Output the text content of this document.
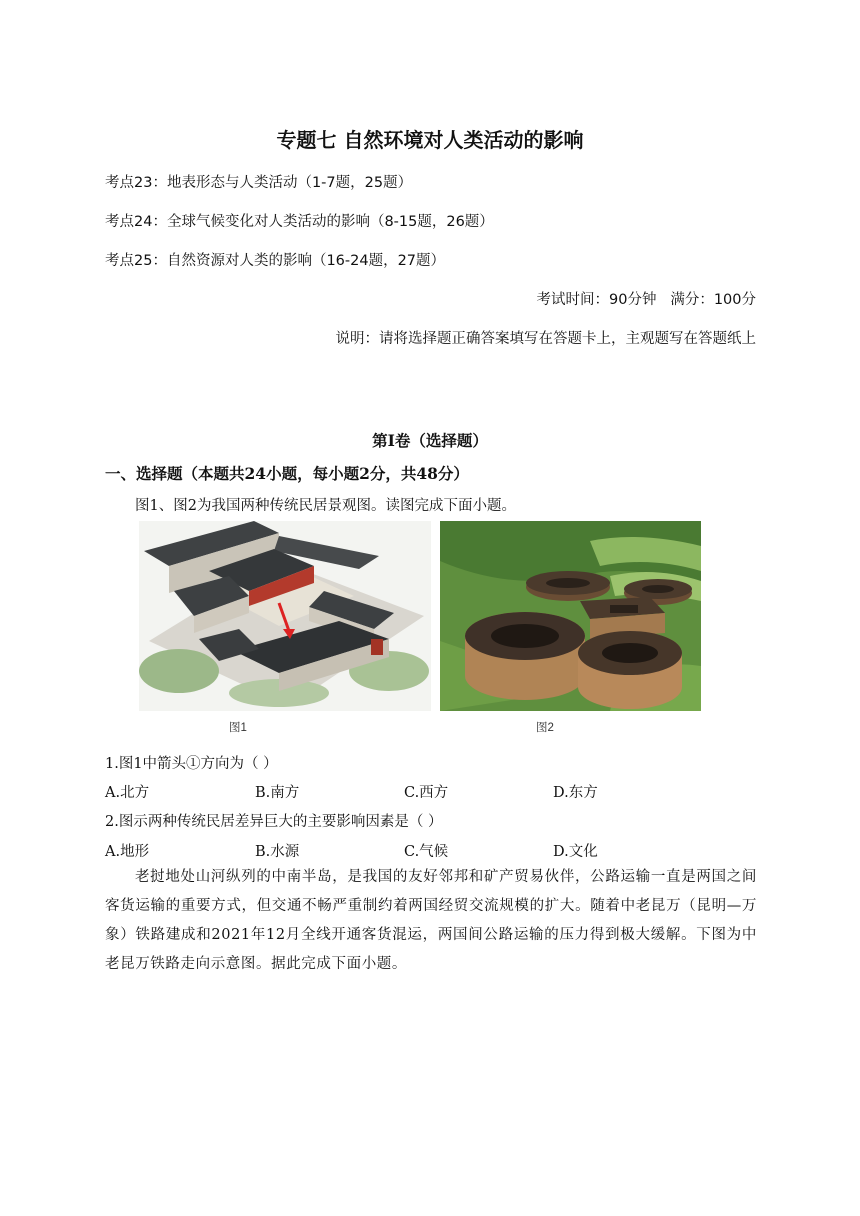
专题七 自然环境对人类活动的影响
考点23：地表形态与人类活动（1-7题，25题）
考点24：全球气候变化对人类活动的影响（8-15题，26题）
考点25：自然资源对人类的影响（16-24题，27题）
考试时间：90分钟   满分：100分
说明：请将选择题正确答案填写在答题卡上，主观题写在答题纸上
第Ⅰ卷（选择题）
一、选择题（本题共24小题，每小题2分，共48分）
图1、图2为我国两种传统民居景观图。读图完成下面小题。
图1	图2
1.图1中箭头①方向为（ ）
A.北方	B.南方	C.西方	D.东方
2.图示两种传统民居差异巨大的主要影响因素是（ ）
A.地形	B.水源	C.气候	D.文化
老挝地处山河纵列的中南半岛，是我国的友好邻邦和矿产贸易伙伴，公路运输一直是两国之间客货运输的重要方式，但交通不畅严重制约着两国经贸交流规模的扩大。随着中老昆万（昆明—万象）铁路建成和2021年12月全线开通客货混运，两国间公路运输的压力得到极大缓解。下图为中老昆万铁路走向示意图。据此完成下面小题。
